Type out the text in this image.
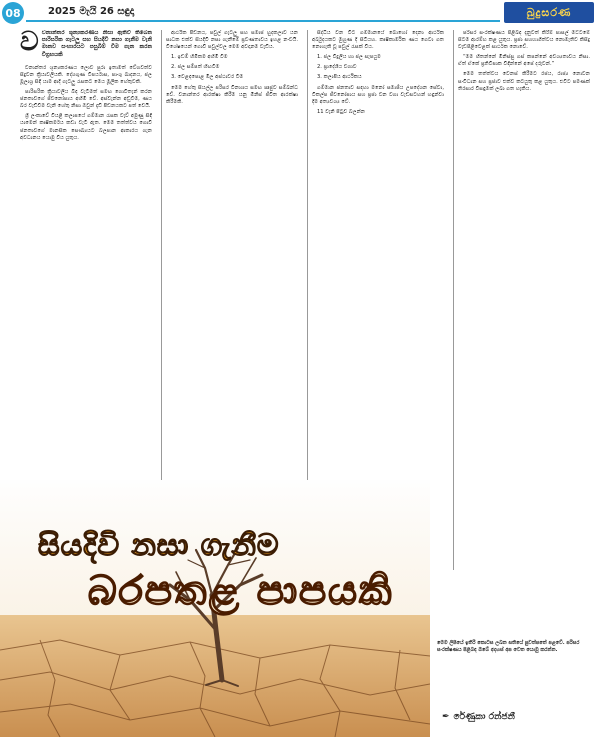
08	2025 මැයි 26 සඳුදා	බුදුසරණ
ව වනාන්තර ශූන්‍යකරණය නිසා ඇතිවී තිබෙන පාරිසරික ගැටලු සහ සියදිවි නසා ගැනීම වැනි මානව සංහාරයට පසුබිම් වීම ගැන කරන විග්‍රහයකි

වනාන්තර ශූන්‍යකරණය ලොව පුරා ඉතාමත් වේගවත්ව සිදුවන ක්‍රියාවලියකි. දේශගුණ විපර්යාස, පාංශු ඛාදනය, ජල මූලාශ්‍ර සිඳී යාම ආදී ගැටලු රැසකට මෙය මූලික හේතුවකි.

පාරිසරික ක්‍රියාවලිය බිඳ වැටීමත් සමඟ ගොවිතැන් කරන ජනතාවගේ ජීවනෝපාය අහිමි වේ. අස්වැන්න අඩුවීම, ණය බර වැඩිවීම වැනි හේතු නිසා ඔවුන් දැඩි පීඩනයකට පත් වෙයි.

ශ්‍රී ලංකාවේ වියළි කලාපයේ ගම්මාන රැසක වැව් අමුණු සිඳී යාමෙන් කෘෂිකර්මය කඩා වැටී ඇත. මෙම තත්ත්වය ගොවි ජනතාවගේ මානසික සෞඛ්‍යයට බලපාන ආකාරය ගැන අවධානය යොමු විය යුතුය.

ආර්ථික පීඩනය, පවුල් ගැටලු සහ සමාජ හුදකලාව යන සාධක එක්ව සියදිවි නසා ගැනීමේ ප්‍රවණතාවය ඉහළ නංවයි. විශේෂයෙන් ගොවි පවුල්වල මෙම අවදානම වැඩිය.

1. ඉඩම් හිමිකම අහිමි වීම

2. ජල සම්පත් හිඟවීම

3. වෙළඳපොළ මිල අස්ථාවර වීම

මෙම හේතු සියල්ල පරිසර විනාශය සමඟ ඍජුව සම්බන්ධ වේ. වනාන්තර ආරක්ෂා කිරීම යනු මිනිස් ජීවිත ආරක්ෂා කිරීමකි.

සිද්ධිය වන විට ගම්මානයේ බොහෝ දෙනා ආර්ථික අර්බුදයකට මුහුණ දී සිටියහ. කෘෂිකාර්මික ණය ගෙවා ගත නොහැකි වූ පවුල් රැසක් විය.

1. ජල විදුලිය හා ජල සැපයුම

2. ප්‍රාදේශීය වගාව

3. කලාපීය ආර්ථිකය

ගම්මාන ජනතාව සඳහා මනෝ සමාජීය උපදේශන සේවා, විකල්ප ජීවනෝපාය සහ ප්‍රජා වන වගා වැඩසටහන් හඳුන්වා දීම අත්‍යවශ්‍ය වේ.

11 වැනි පිටුව බලන්න

පරිසර සංරක්ෂණය පිළිබඳ දැනුවත් කිරීම් පාසල් මට්ටමේ සිටම ආරම්භ කළ යුතුය. ප්‍රජා සහභාගිත්වය නොමැතිව කිසිදු වැඩපිළිවෙළක් සාර්ථක නොවේ.

“මම හිතන්නේ මිනිස්සු ගස් කපන්නේ අවශ්‍යතාවය නිසා. ඒත් ඒකේ ප්‍රතිවිපාක විඳින්නේ අපේ දරුවන්.”

මෙම තත්ත්වය වෙනස් කිරීමට රජය, රාජ්‍ය නොවන සංවිධාන සහ ප්‍රජාව එක්ව කටයුතු කළ යුතුය. එවිට පමණක් තිරසාර විසඳුමක් ලබා ගත හැකිය.

සියදිවි නසා ගැනීම
බරපතළ පාපයකි
මෙම ලිපියේ ඉතිරි කොටස ලබන සතියේ පුවත්පතේ පළවේ. පරිසර සංරක්ෂණය පිළිබඳ ඔබේ අදහස් අප වෙත යොමු කරන්න.
✒ රේණුකා රන්ජනී
